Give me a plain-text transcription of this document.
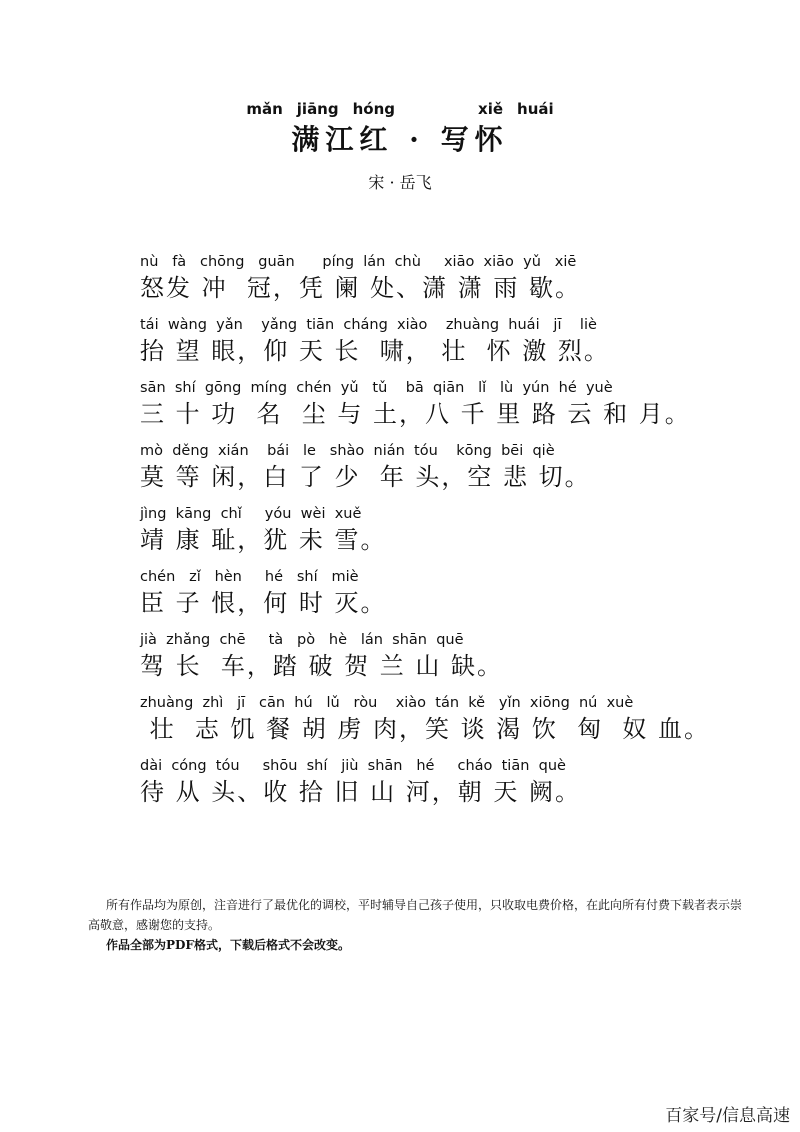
mǎn jiāng hóng	xiě huái
满江红 · 写怀
宋 · 岳飞
nù   fà   chōng   guān      píng  lán  chù     xiāo  xiāo  yǔ   xiē
怒发 冲  冠，凭 阑 处、潇 潇 雨 歇。
tái  wàng  yǎn    yǎng  tiān  cháng  xiào    zhuàng  huái   jī    liè
抬 望 眼，仰 天 长  啸， 壮  怀 激 烈。
sān  shí  gōng  míng  chén  yǔ   tǔ    bā  qiān   lǐ   lù  yún  hé  yuè
三 十 功  名  尘 与 土，八 千 里 路 云 和 月。
mò  děng  xián    bái   le   shào  nián  tóu    kōng  bēi  qiè
莫 等 闲，白 了 少  年 头，空 悲 切。
jìng  kāng  chǐ     yóu  wèi  xuě
靖 康 耻，犹 未 雪。
chén   zǐ   hèn     hé   shí   miè
臣 子 恨，何 时 灭。
jià  zhǎng  chē     tà   pò   hè   lán  shān  quē
驾 长  车，踏 破 贺 兰 山 缺。
zhuàng  zhì   jī   cān  hú   lǔ   ròu    xiào  tán  kě   yǐn  xiōng  nú  xuè
壮  志 饥 餐 胡 虏 肉，笑 谈 渴 饮  匈  奴 血。
dài  cóng  tóu     shōu  shí   jiù  shān   hé     cháo  tiān  què
待 从 头、收 拾 旧 山 河，朝 天 阙。
所有作品均为原创，注音进行了最优化的调校，平时辅导自己孩子使用，只收取电费价格，在此向所有付费下载者表示崇高敬意，感谢您的支持。
作品全部为PDF格式，下载后格式不会改变。
百家号/信息高速
